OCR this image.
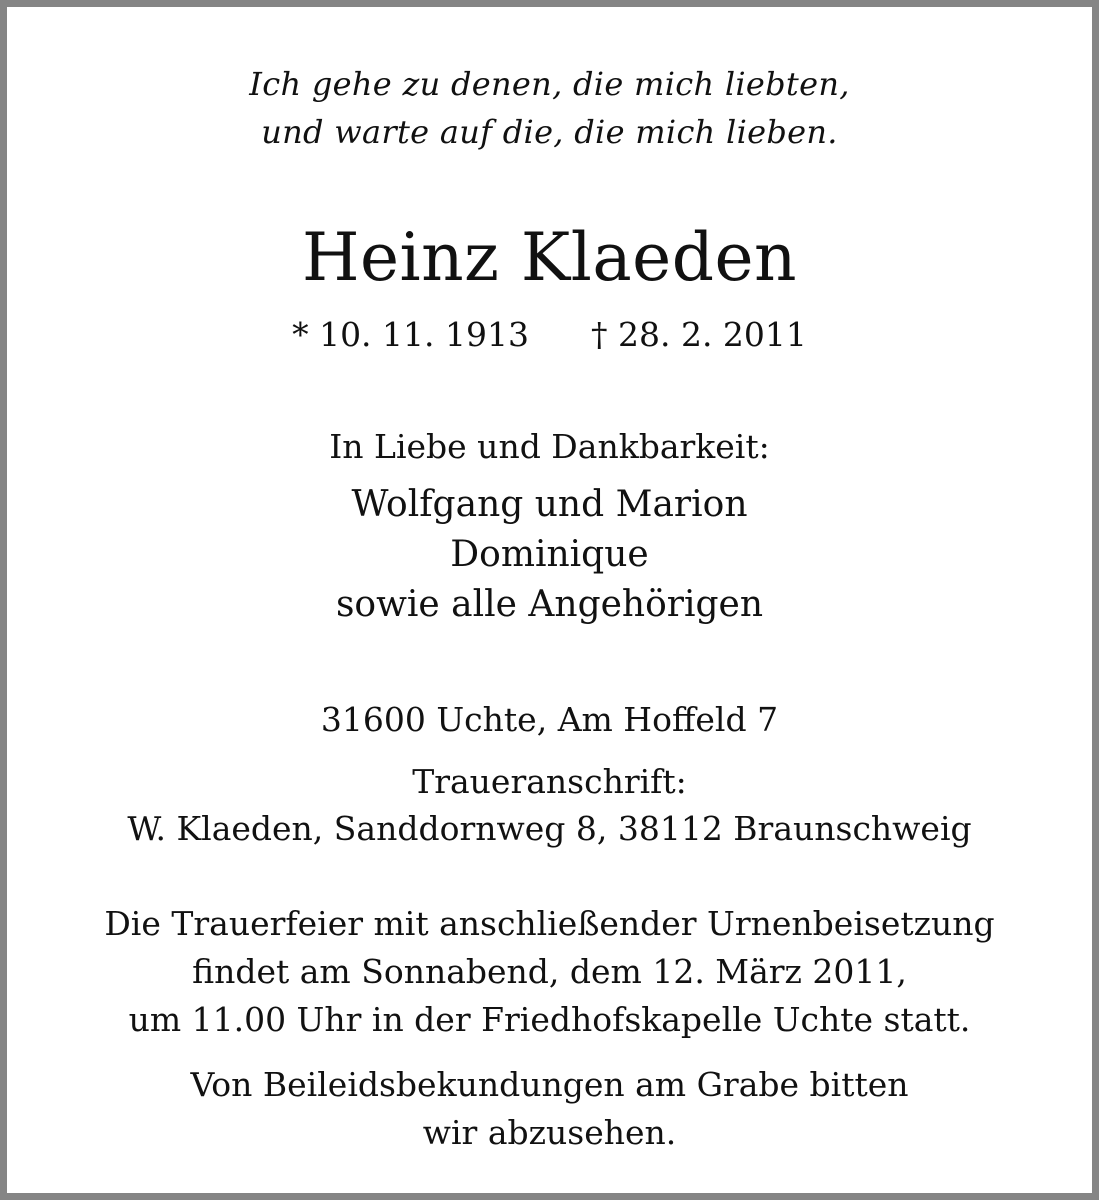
Ich gehe zu denen, die mich liebten,

und warte auf die, die mich lieben.

Heinz Klaeden

* 10. 11. 1913 † 28. 2. 2011

In Liebe und Dankbarkeit:

Wolfgang und Marion

Dominique

sowie alle Angehörigen

31600 Uchte, Am Hoffeld 7

Traueranschrift:

W. Klaeden, Sanddornweg 8, 38112 Braunschweig

Die Trauerfeier mit anschließender Urnenbeisetzung

findet am Sonnabend, dem 12. März 2011,

um 11.00 Uhr in der Friedhofskapelle Uchte statt.

Von Beileidsbekundungen am Grabe bitten

wir abzusehen.
